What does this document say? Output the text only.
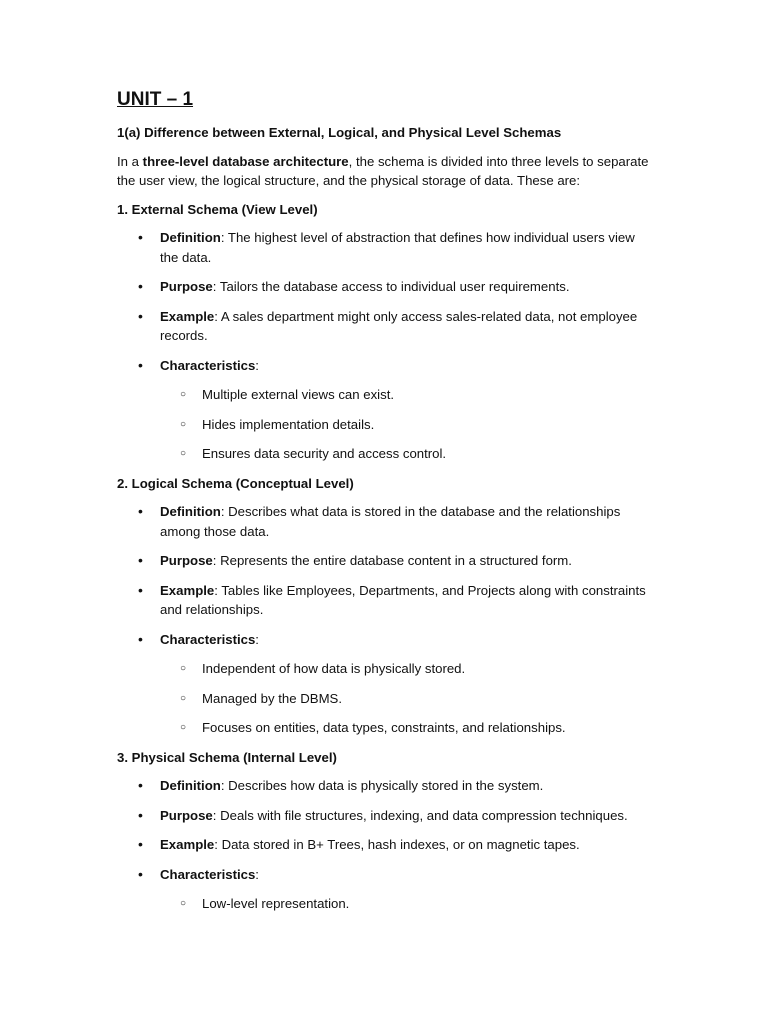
UNIT – 1
1(a) Difference between External, Logical, and Physical Level Schemas

In a three-level database architecture, the schema is divided into three levels to separate the user view, the logical structure, and the physical storage of data. These are:

1. External Schema (View Level)
• Definition: The highest level of abstraction that defines how individual users view the data.
• Purpose: Tailors the database access to individual user requirements.
• Example: A sales department might only access sales-related data, not employee records.
• Characteristics:
○ Multiple external views can exist.
○ Hides implementation details.
○ Ensures data security and access control.
2. Logical Schema (Conceptual Level)
• Definition: Describes what data is stored in the database and the relationships among those data.
• Purpose: Represents the entire database content in a structured form.
• Example: Tables like Employees, Departments, and Projects along with constraints and relationships.
• Characteristics:
○ Independent of how data is physically stored.
○ Managed by the DBMS.
○ Focuses on entities, data types, constraints, and relationships.
3. Physical Schema (Internal Level)
• Definition: Describes how data is physically stored in the system.
• Purpose: Deals with file structures, indexing, and data compression techniques.
• Example: Data stored in B+ Trees, hash indexes, or on magnetic tapes.
• Characteristics:
○ Low-level representation.
